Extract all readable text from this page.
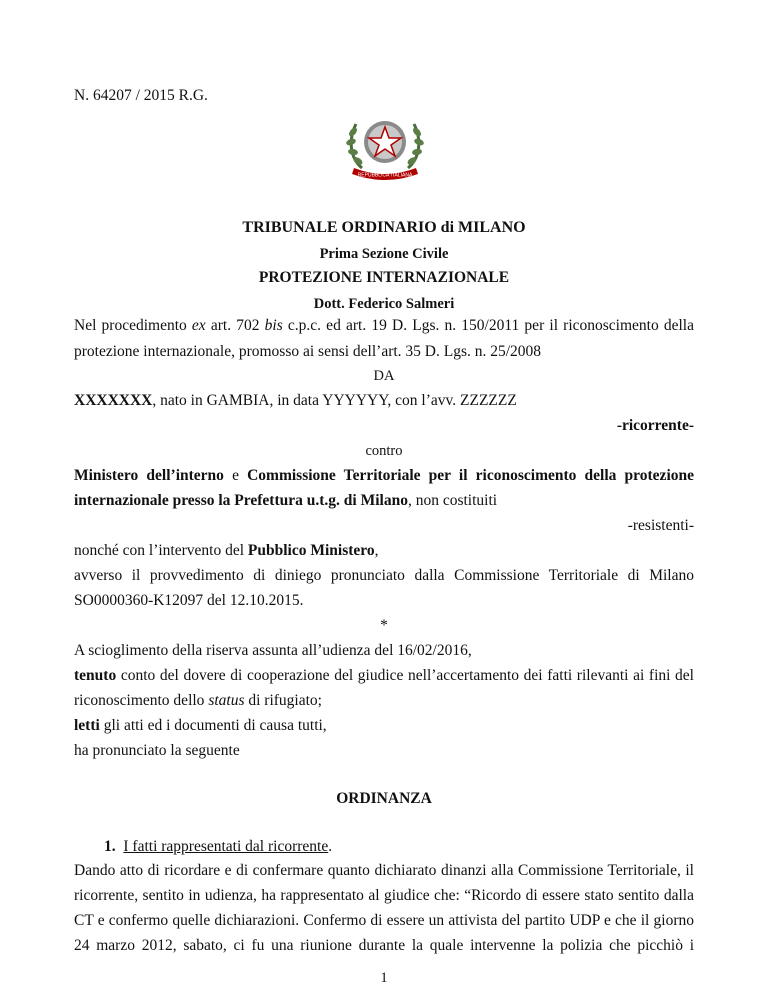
N. 64207 / 2015 R.G.
REPUBBLICA ITALIANA
TRIBUNALE ORDINARIO di MILANO
Prima Sezione Civile
PROTEZIONE INTERNAZIONALE
Dott. Federico Salmeri
Nel procedimento ex art. 702 bis c.p.c. ed art. 19 D. Lgs. n. 150/2011 per il riconoscimento della
protezione internazionale, promosso ai sensi dell’art. 35 D. Lgs. n. 25/2008
DA
XXXXXXX, nato in GAMBIA, in data YYYYYY, con l’avv. ZZZZZZ
-ricorrente-
contro
Ministero dell’interno e Commissione Territoriale per il riconoscimento della protezione
internazionale presso la Prefettura u.t.g. di Milano, non costituiti
-resistenti-
nonché con l’intervento del Pubblico Ministero,
avverso il provvedimento di diniego pronunciato dalla Commissione Territoriale di Milano
SO0000360-K12097 del 12.10.2015.
*
A scioglimento della riserva assunta all’udienza del 16/02/2016,
tenuto conto del dovere di cooperazione del giudice nell’accertamento dei fatti rilevanti ai fini del
riconoscimento dello status di rifugiato;
letti gli atti ed i documenti di causa tutti,
ha pronunciato la seguente
ORDINANZA
1. I fatti rappresentati dal ricorrente.
Dando atto di ricordare e di confermare quanto dichiarato dinanzi alla Commissione Territoriale, il
ricorrente, sentito in udienza, ha rappresentato al giudice che: “Ricordo di essere stato sentito dalla
CT e confermo quelle dichiarazioni. Confermo di essere un attivista del partito UDP e che il giorno
24 marzo 2012, sabato, ci fu una riunione durante la quale intervenne la polizia che picchiò i
1
